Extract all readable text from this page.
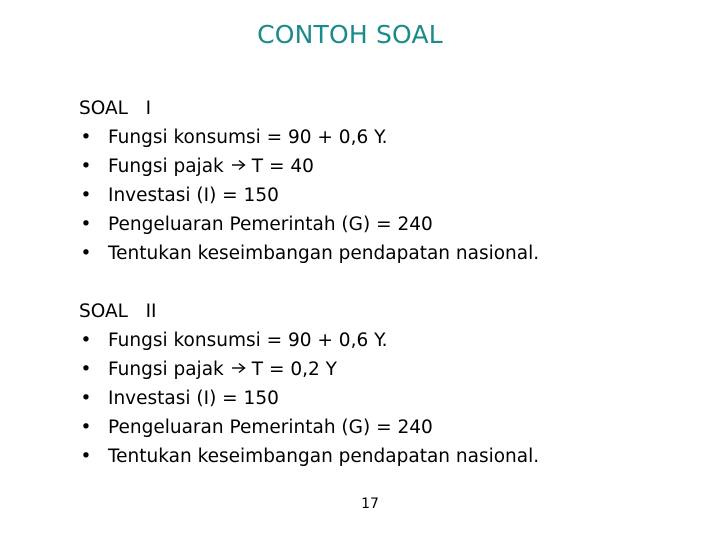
CONTOH SOAL
SOAL   I
• Fungsi konsumsi = 90 + 0,6 Y.
• Fungsi pajak T = 40
• Investasi (I) = 150
• Pengeluaran Pemerintah (G) = 240
• Tentukan keseimbangan pendapatan nasional.
SOAL   II
• Fungsi konsumsi = 90 + 0,6 Y.
• Fungsi pajak T = 0,2 Y
• Investasi (I) = 150
• Pengeluaran Pemerintah (G) = 240
• Tentukan keseimbangan pendapatan nasional.
17
